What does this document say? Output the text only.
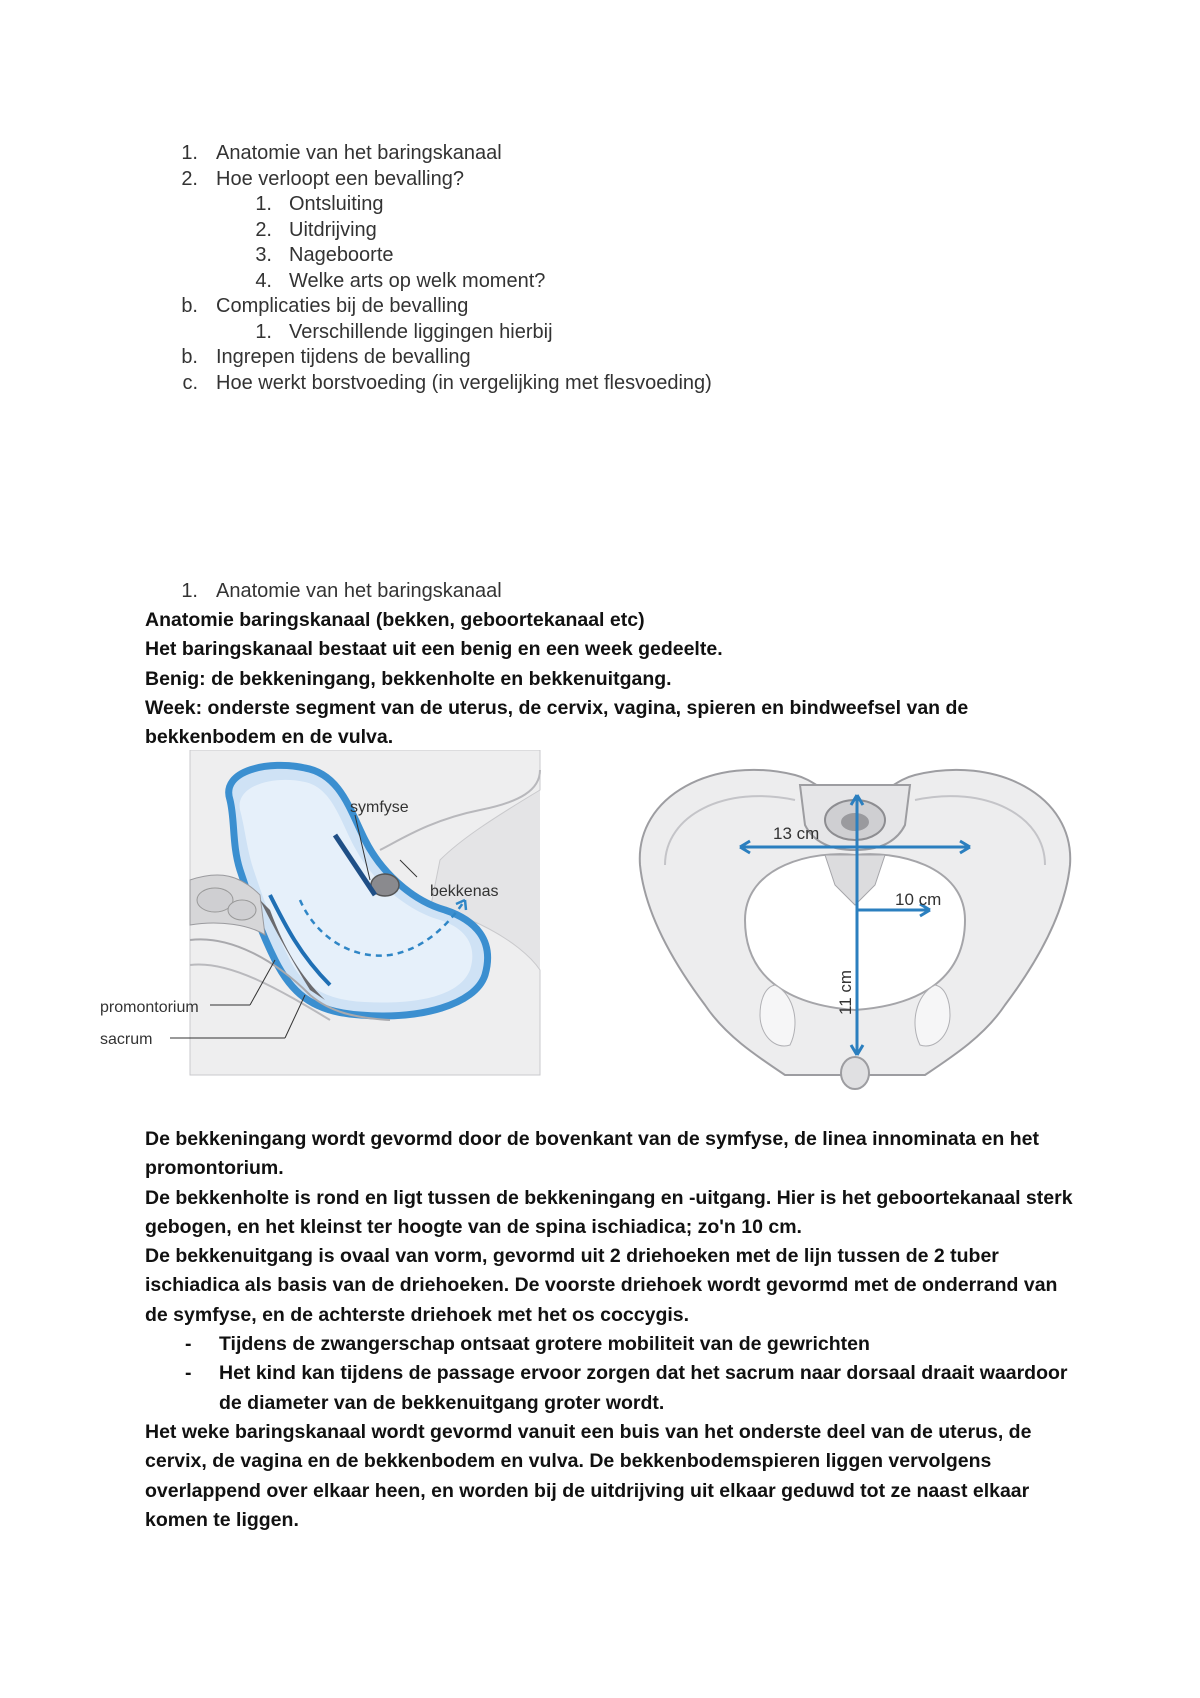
1. Anatomie van het baringskanaal
2. Hoe verloopt een bevalling?
1. Ontsluiting
2. Uitdrijving
3. Nageboorte
4. Welke arts op welk moment?
b. Complicaties bij de bevalling
1. Verschillende liggingen hierbij
b. Ingrepen tijdens de bevalling
c. Hoe werkt borstvoeding (in vergelijking met flesvoeding)
1. Anatomie van het baringskanaal

Anatomie baringskanaal (bekken, geboortekanaal etc)

Het baringskanaal bestaat uit een benig en een week gedeelte.

Benig: de bekkeningang, bekkenholte en bekkenuitgang.

Week: onderste segment van de uterus, de cervix, vagina, spieren en bindweefsel van de bekkenbodem en de vulva.

symfyse
bekkenas
promontorium
sacrum
13 cm
10 cm
11 cm

De bekkeningang wordt gevormd door de bovenkant van de symfyse, de linea innominata en het promontorium.

De bekkenholte is rond en ligt tussen de bekkeningang en -uitgang. Hier is het geboortekanaal sterk gebogen, en het kleinst ter hoogte van de spina ischiadica; zo'n 10 cm.

De bekkenuitgang is ovaal van vorm, gevormd uit 2 driehoeken met de lijn tussen de 2 tuber ischiadica als basis van de driehoeken. De voorste driehoek wordt gevormd met de onderrand van de symfyse, en de achterste driehoek met het os coccygis.

- Tijdens de zwangerschap ontsaat grotere mobiliteit van de gewrichten
- Het kind kan tijdens de passage ervoor zorgen dat het sacrum naar dorsaal draait waardoor de diameter van de bekkenuitgang groter wordt.

Het weke baringskanaal wordt gevormd vanuit een buis van het onderste deel van de uterus, de cervix, de vagina en de bekkenbodem en vulva. De bekkenbodemspieren liggen vervolgens overlappend over elkaar heen, en worden bij de uitdrijving uit elkaar geduwd tot ze naast elkaar komen te liggen.
